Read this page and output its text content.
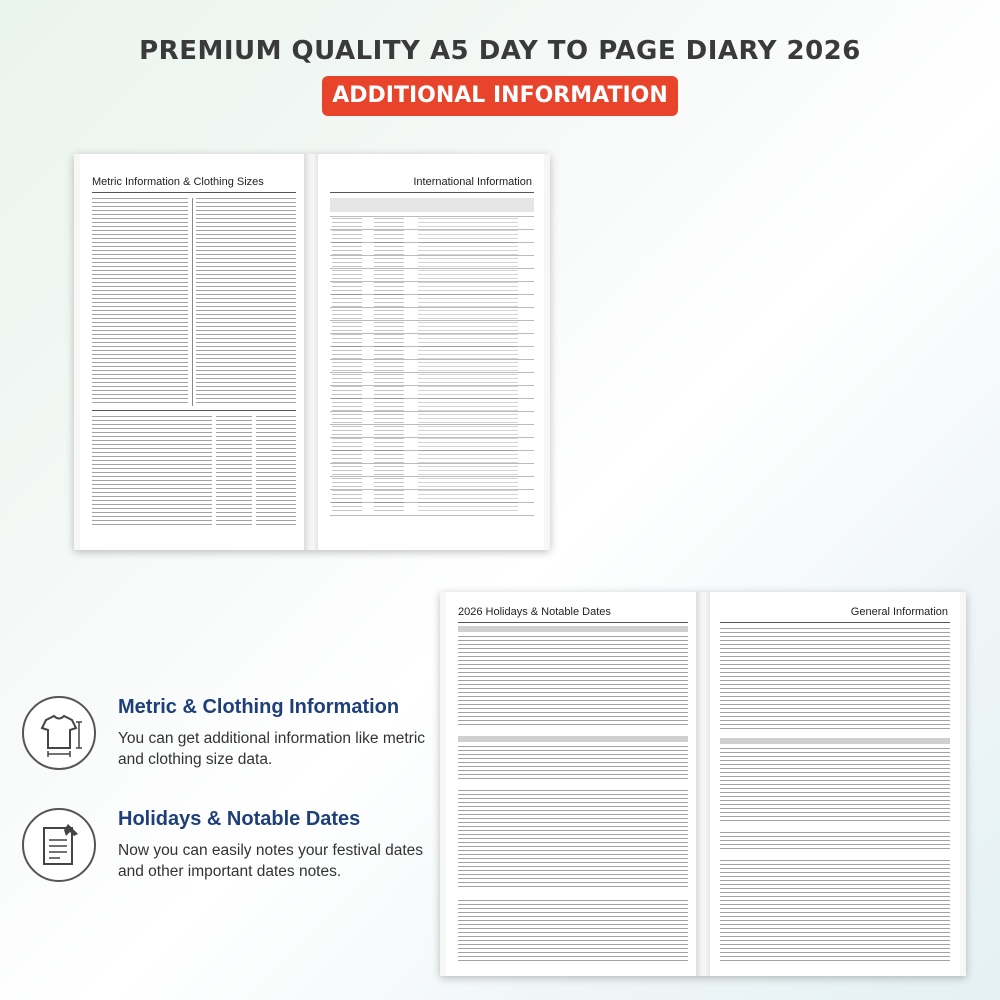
PREMIUM QUALITY A5 DAY TO PAGE DIARY 2026
ADDITIONAL INFORMATION
Metric Information & Clothing Sizes	International Information
2026 Holidays & Notable Dates	General Information
Metric & Clothing Information
You can get additional information like metric and clothing size data.
Holidays & Notable Dates
Now you can easily notes your festival dates and other important dates notes.
